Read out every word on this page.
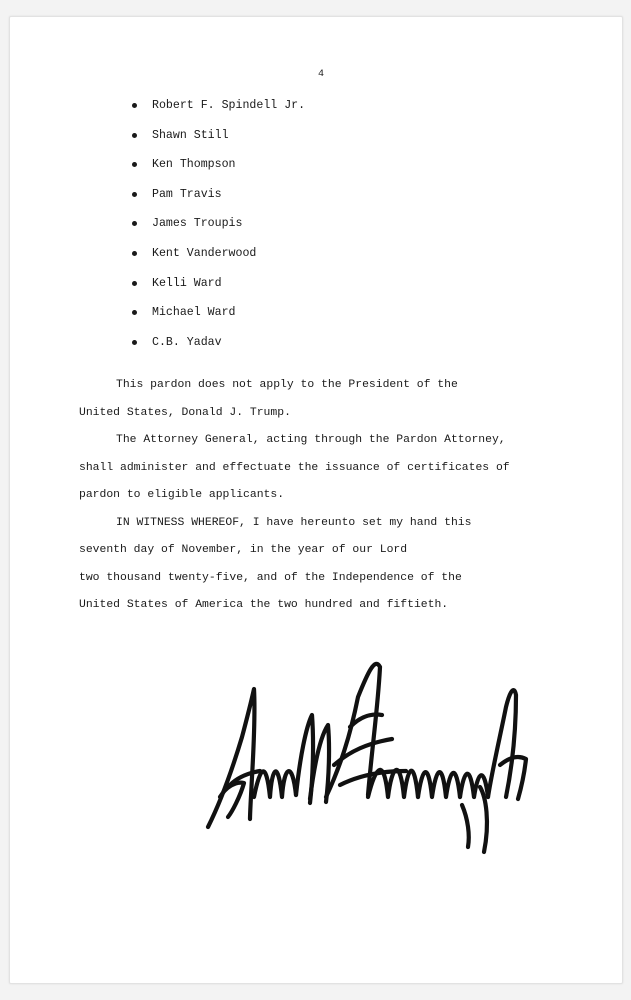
4
Robert F. Spindell Jr.
Shawn Still
Ken Thompson
Pam Travis
James Troupis
Kent Vanderwood
Kelli Ward
Michael Ward
C.B. Yadav
This pardon does not apply to the President of the
United States, Donald J. Trump.
The Attorney General, acting through the Pardon Attorney,
shall administer and effectuate the issuance of certificates of
pardon to eligible applicants.
IN WITNESS WHEREOF, I have hereunto set my hand this
seventh day of November, in the year of our Lord
two thousand twenty-five, and of the Independence of the
United States of America the two hundred and fiftieth.
